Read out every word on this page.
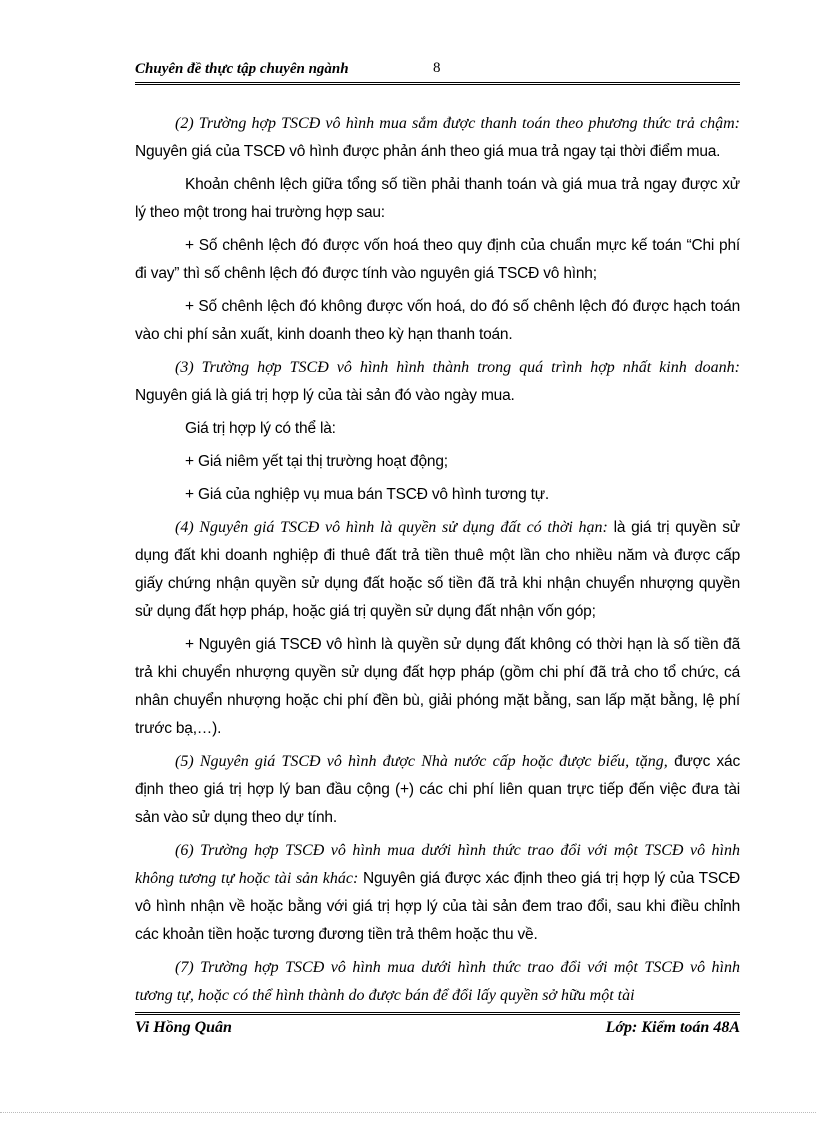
Chuyên đề thực tập chuyên ngành	8

(2) Trường hợp TSCĐ vô hình mua sắm được thanh toán theo phương thức trả chậm: Nguyên giá của TSCĐ vô hình được phản ánh theo giá mua trả ngay tại thời điểm mua.

Khoản chênh lệch giữa tổng số tiền phải thanh toán và giá mua trả ngay được xử lý theo một trong hai trường hợp sau:

+ Số chênh lệch đó được vốn hoá theo quy định của chuẩn mực kế toán “Chi phí đi vay” thì số chênh lệch đó được tính vào nguyên giá TSCĐ vô hình;

+ Số chênh lệch đó không được vốn hoá, do đó số chênh lệch đó được hạch toán vào chi phí sản xuất, kinh doanh theo kỳ hạn thanh toán.

(3) Trường hợp TSCĐ vô hình hình thành trong quá trình hợp nhất kinh doanh: Nguyên giá là giá trị hợp lý của tài sản đó vào ngày mua.

Giá trị hợp lý có thể là:

+ Giá niêm yết tại thị trường hoạt động;

+ Giá của nghiệp vụ mua bán TSCĐ vô hình tương tự.

(4) Nguyên giá TSCĐ vô hình là quyền sử dụng đất có thời hạn: là giá trị quyền sử dụng đất khi doanh nghiệp đi thuê đất trả tiền thuê một lần cho nhiều năm và được cấp giấy chứng nhận quyền sử dụng đất hoặc số tiền đã trả khi nhận chuyển nhượng quyền sử dụng đất hợp pháp, hoặc giá trị quyền sử dụng đất nhận vốn góp;

+ Nguyên giá TSCĐ vô hình là quyền sử dụng đất không có thời hạn là số tiền đã trả khi chuyển nhượng quyền sử dụng đất hợp pháp (gồm chi phí đã trả cho tổ chức, cá nhân chuyển nhượng hoặc chi phí đền bù, giải phóng mặt bằng, san lấp mặt bằng, lệ phí trước bạ,…).

(5) Nguyên giá TSCĐ vô hình được Nhà nước cấp hoặc được biếu, tặng, được xác định theo giá trị hợp lý ban đầu cộng (+) các chi phí liên quan trực tiếp đến việc đưa tài sản vào sử dụng theo dự tính.

(6) Trường hợp TSCĐ vô hình mua dưới hình thức trao đổi với một TSCĐ vô hình không tương tự hoặc tài sản khác: Nguyên giá được xác định theo giá trị hợp lý của TSCĐ vô hình nhận về hoặc bằng với giá trị hợp lý của tài sản đem trao đổi, sau khi điều chỉnh các khoản tiền hoặc tương đương tiền trả thêm hoặc thu về.

(7) Trường hợp TSCĐ vô hình mua dưới hình thức trao đổi với một TSCĐ vô hình tương tự, hoặc có thể hình thành do được bán để đổi lấy quyền sở hữu một tài

Vi Hồng Quân	Lớp: Kiểm toán 48A
